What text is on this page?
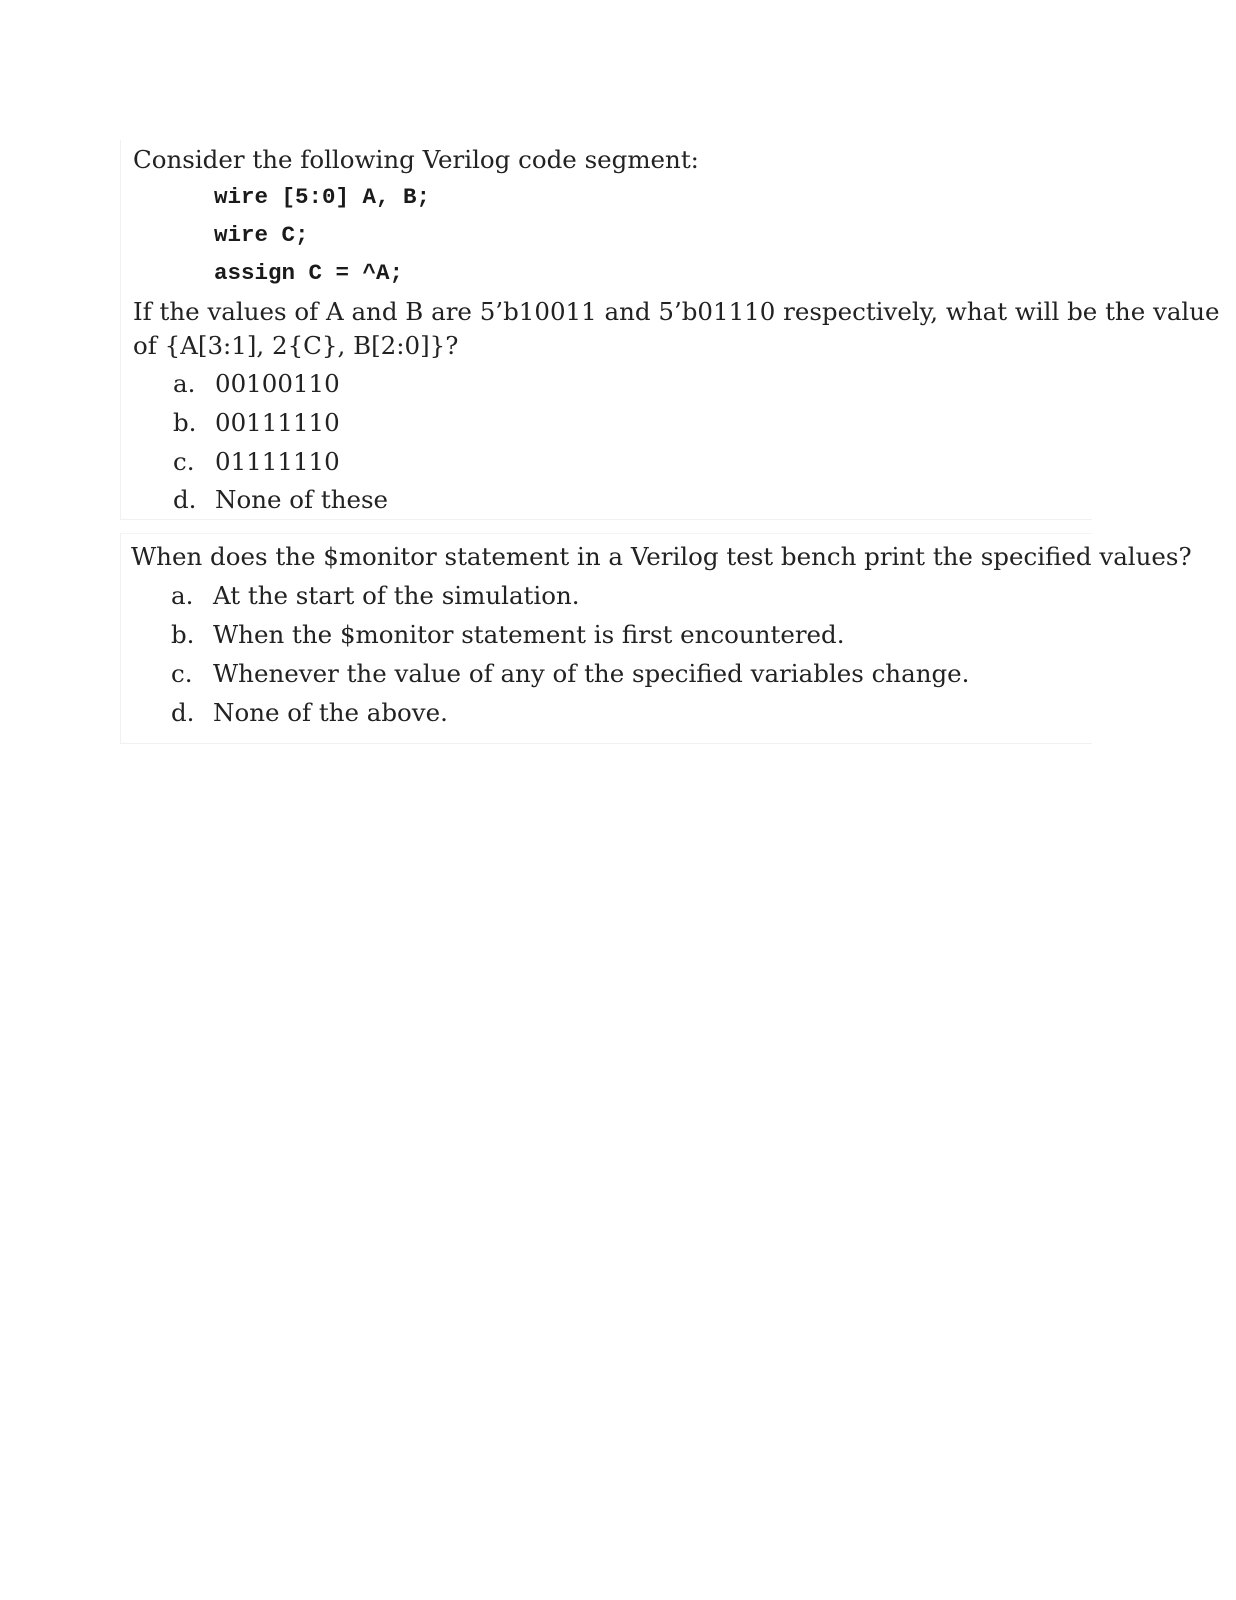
Consider the following Verilog code segment:
wire [5:0] A, B;
wire C;
assign C = ^A;
If the values of A and B are 5’b10011 and 5’b01110 respectively, what will be the value
of {A[3:1], 2{C}, B[2:0]}?
a. 00100110
b. 00111110
c. 01111110
d. None of these
When does the $monitor statement in a Verilog test bench print the specified values?
a. At the start of the simulation.
b. When the $monitor statement is first encountered.
c. Whenever the value of any of the specified variables change.
d. None of the above.
